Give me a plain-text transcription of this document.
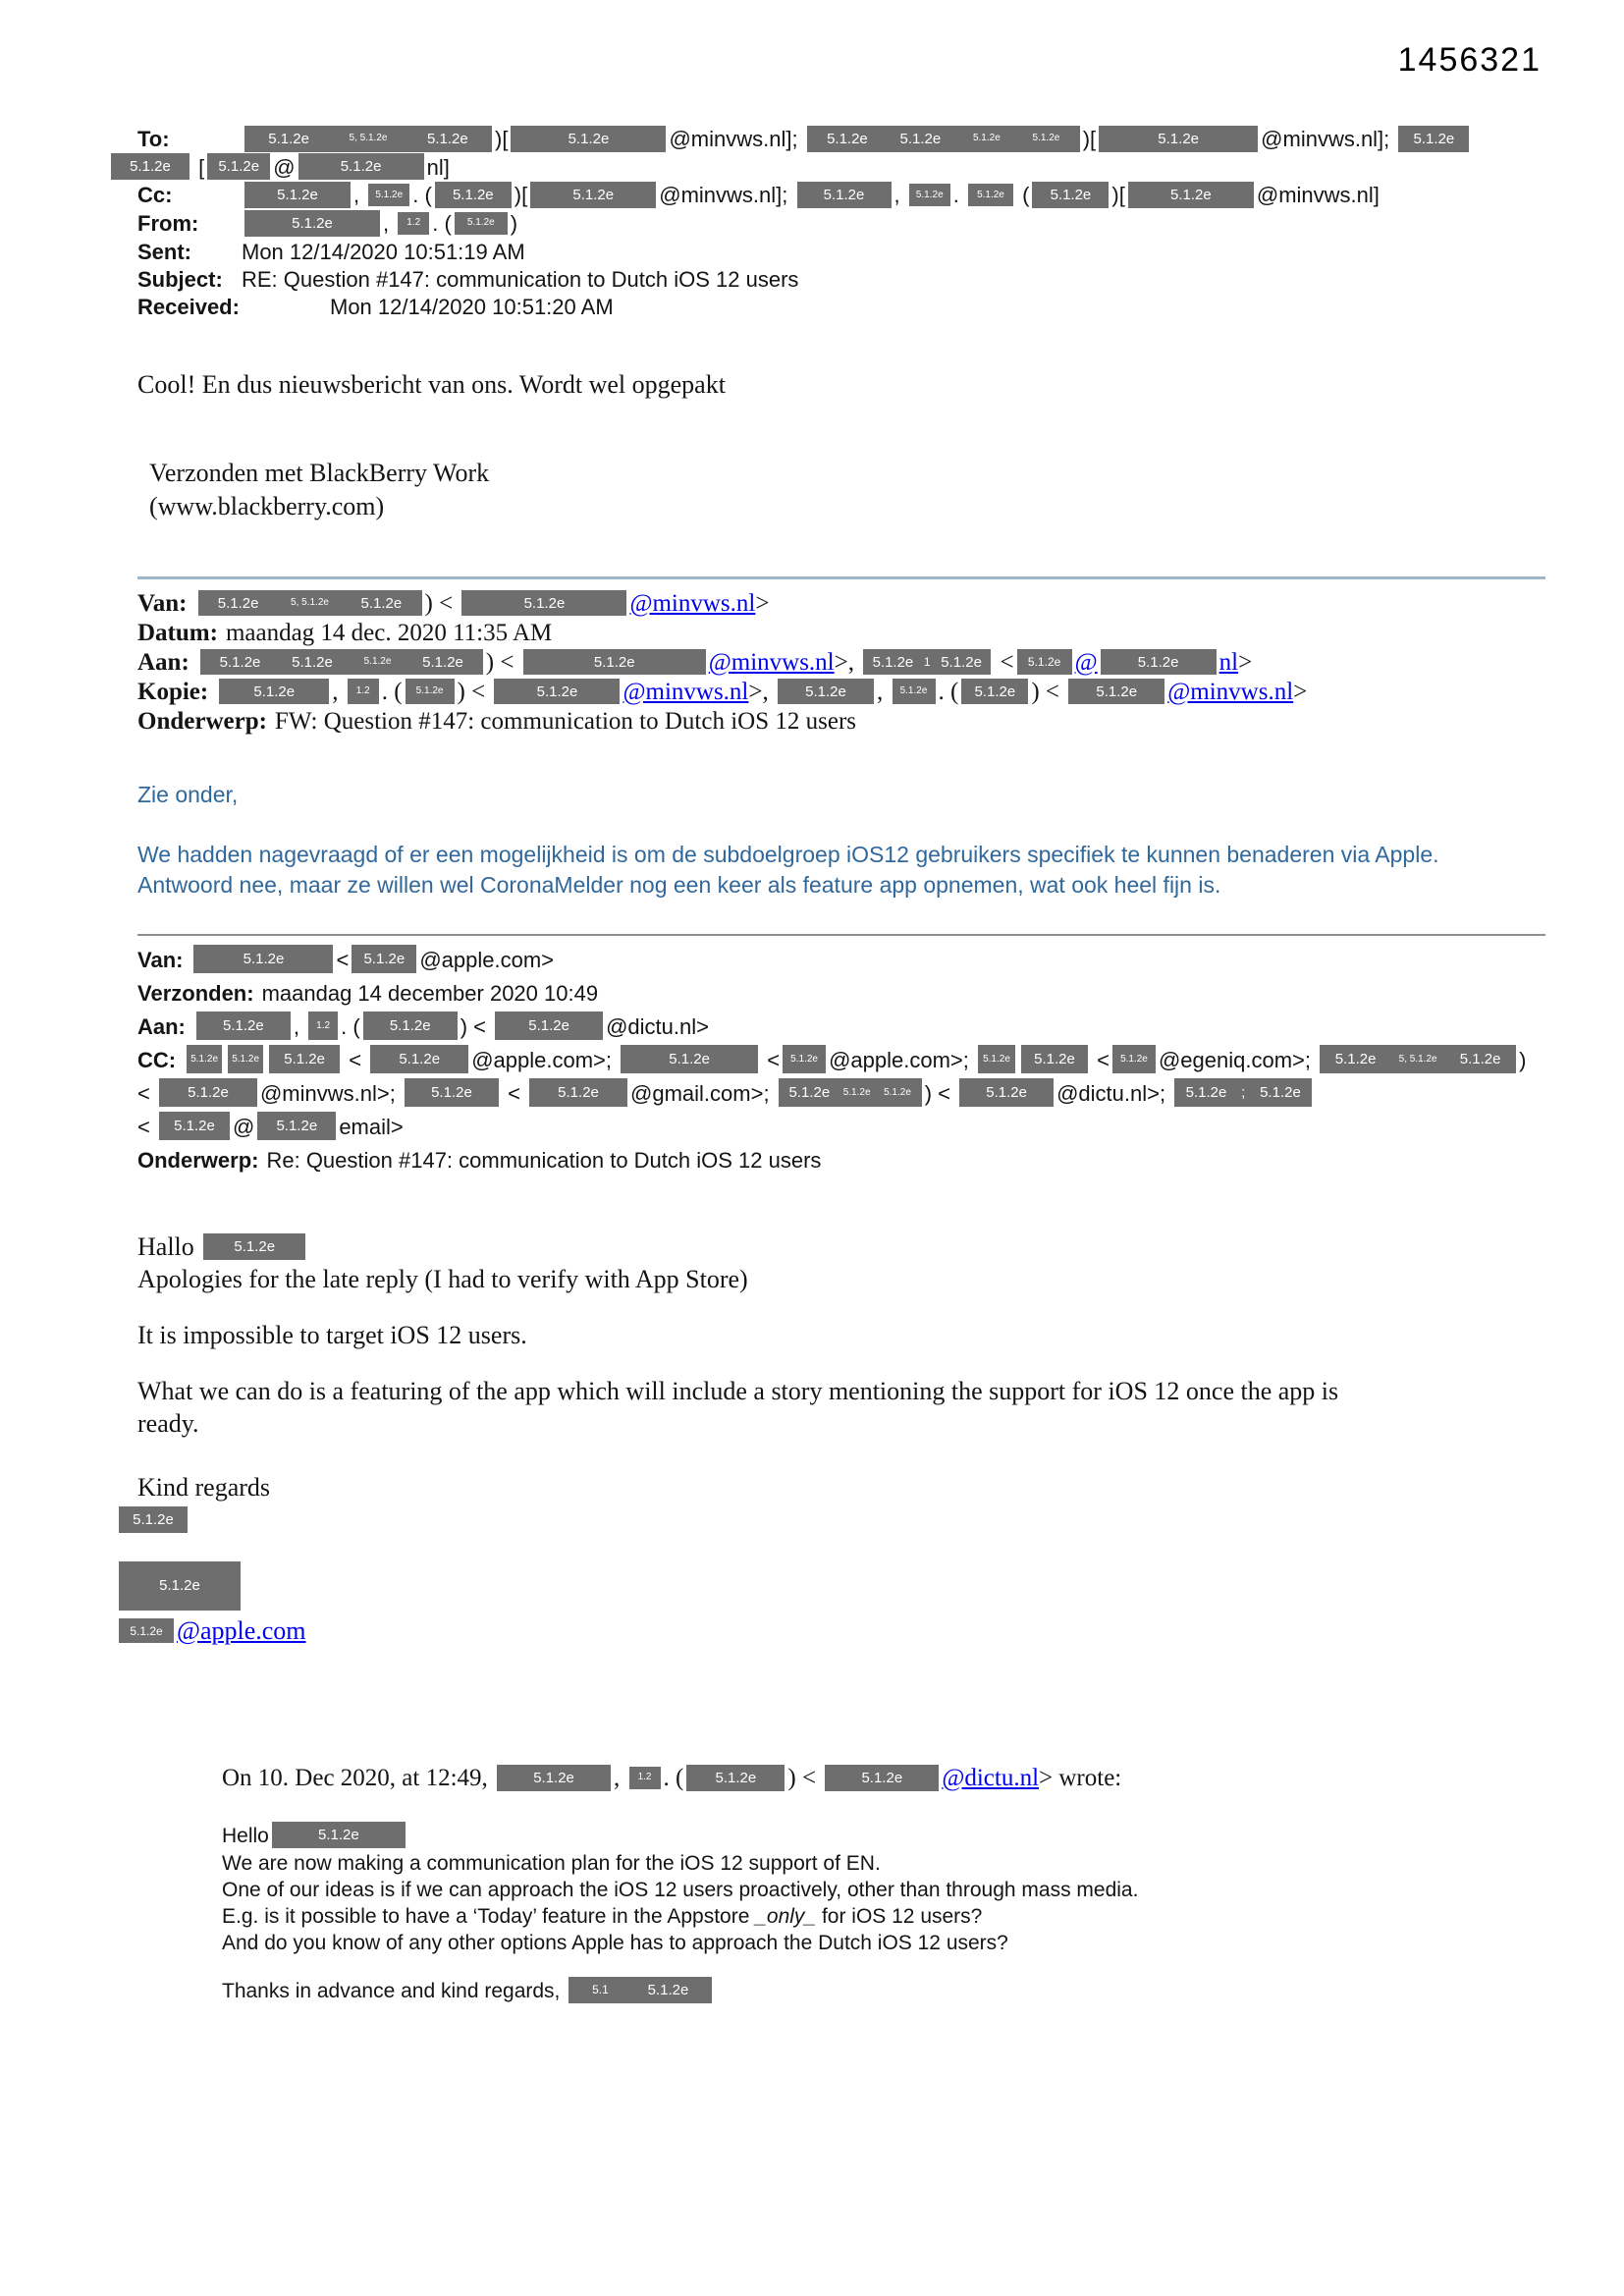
1456321
To:	5.1.2e	5, 5.1.2e	5.1.2e )[	5.1.2e	@minvws.nl]; 5.1.2e 5.1.2e	5.1.2e	5.1.2e )[	5.1.2e	@minvws.nl]; 5.1.2e
5.1.2e [ 5.1.2e @	5.1.2e nl]
Cc:	5.1.2e , 5.1.2e . ( 5.1.2e )[	5.1.2e @minvws.nl]; 5.1.2e , 5.1.2e . 5.1.2e ( 5.1.2e )[	5.1.2e @minvws.nl]
From:	5.1.2e , 1.2 . ( 5.1.2e )
Sent:	Mon 12/14/2020 10:51:19 AM
Subject: RE: Question #147: communication to Dutch iOS 12 users
Received:	Mon 12/14/2020 10:51:20 AM
Cool! En dus nieuwsbericht van ons. Wordt wel opgepakt
Verzonden met BlackBerry Work
(www.blackberry.com)
Van: 5.1.2e	5, 5.1.2e 5.1.2e ) <	5.1.2e	@minvws.nl>
Datum: maandag 14 dec. 2020 11:35 AM
Aan: 5.1.2e 5.1.2e	5.1.2e 5.1.2e ) <	5.1.2e	@minvws.nl>, 5.1.2e 1 5.1.2e < 5.1.2e @	5.1.2e nl>
Kopie:	5.1.2e , 1.2 . ( 5.1.2e ) <	5.1.2e @minvws.nl>, 5.1.2e , 5.1.2e . ( 5.1.2e ) < 5.1.2e @minvws.nl>
Onderwerp: FW: Question #147: communication to Dutch iOS 12 users
Zie onder,
We hadden nagevraagd of er een mogelijkheid is om de subdoelgroep iOS12 gebruikers specifiek te kunnen benaderen via Apple.
Antwoord nee, maar ze willen wel CoronaMelder nog een keer als feature app opnemen, wat ook heel fijn is.
Van:	5.1.2e < 5.1.2e @apple.com>
Verzonden: maandag 14 december 2020 10:49
Aan:	5.1.2e , 1.2 . ( 5.1.2e ) < 5.1.2e @dictu.nl>
CC: 5.1.2e 5.1.2e 5.1.2e < 5.1.2e @apple.com>;	5.1.2e < 5.1.2e @apple.com>; 5.1.2e 5.1.2e < 5.1.2e @egeniq.com>; 5.1.2e 5, 5.1.2e 5.1.2e )
< 5.1.2e @minvws.nl>; 5.1.2e < 5.1.2e @gmail.com>; 5.1.2e 5.1.2e 5.1.2e ) < 5.1.2e @dictu.nl>; 5.1.2e ; 5.1.2e
< 5.1.2e @ 5.1.2e email>
Onderwerp: Re: Question #147: communication to Dutch iOS 12 users
Hallo 5.1.2e
Apologies for the late reply (I had to verify with App Store)
It is impossible to target iOS 12 users.
What we can do is a featuring of the app which will include a story mentioning the support for iOS 12 once the app is
ready.
Kind regards
5.1.2e
5.1.2e
5.1.2e @apple.com
On 10. Dec 2020, at 12:49,	5.1.2e , 1.2 . ( 5.1.2e ) <	5.1.2e @dictu.nl> wrote:
Hello	5.1.2e
We are now making a communication plan for the iOS 12 support of EN.
One of our ideas is if we can approach the iOS 12 users proactively, other than through mass media.
E.g. is it possible to have a ‘Today’ feature in the Appstore _only_ for iOS 12 users?
And do you know of any other options Apple has to approach the Dutch iOS 12 users?
Thanks in advance and kind regards, 5.1	5.1.2e
